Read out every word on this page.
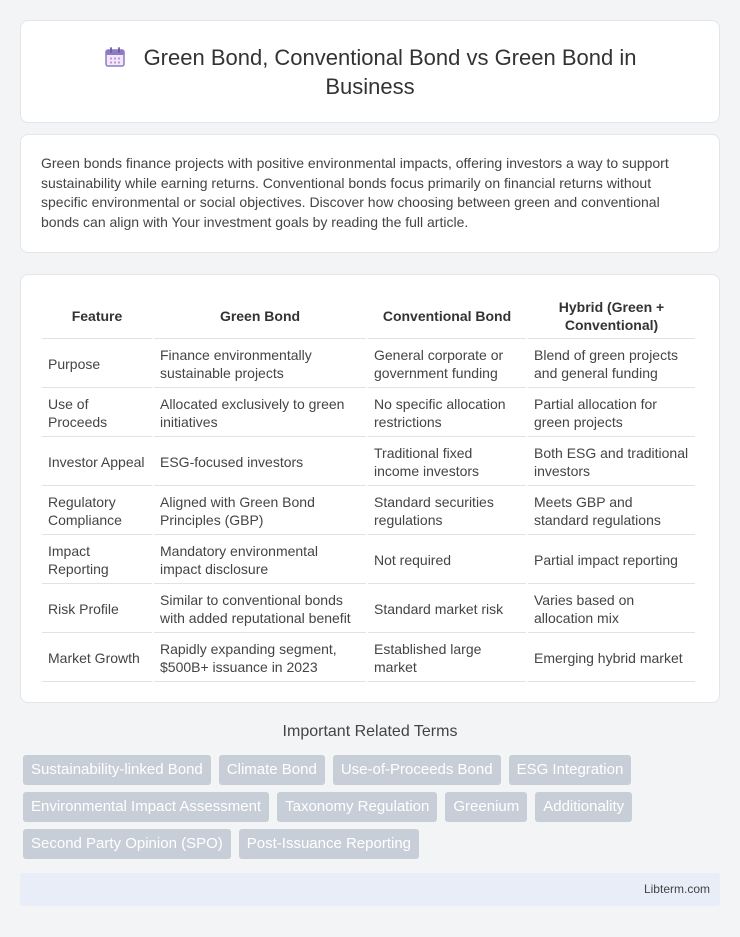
Green Bond, Conventional Bond vs Green Bond in Business

Green bonds finance projects with positive environmental impacts, offering investors a way to support sustainability while earning returns. Conventional bonds focus primarily on financial returns without specific environmental or social objectives. Discover how choosing between green and conventional bonds can align with Your investment goals by reading the full article.

Feature	Green Bond	Conventional Bond	Hybrid (Green + Conventional)
Purpose	Finance environmentally sustainable projects	General corporate or government funding	Blend of green projects and general funding
Use of Proceeds	Allocated exclusively to green initiatives	No specific allocation restrictions	Partial allocation for green projects
Investor Appeal	ESG-focused investors	Traditional fixed income investors	Both ESG and traditional investors
Regulatory Compliance	Aligned with Green Bond Principles (GBP)	Standard securities regulations	Meets GBP and standard regulations
Impact Reporting	Mandatory environmental impact disclosure	Not required	Partial impact reporting
Risk Profile	Similar to conventional bonds with added reputational benefit	Standard market risk	Varies based on allocation mix
Market Growth	Rapidly expanding segment, $500B+ issuance in 2023	Established large market	Emerging hybrid market
Important Related Terms
Sustainability-linked Bond	Climate Bond	Use-of-Proceeds Bond	ESG Integration
Environmental Impact Assessment	Taxonomy Regulation	Greenium	Additionality
Second Party Opinion (SPO)	Post-Issuance Reporting
Libterm.com
